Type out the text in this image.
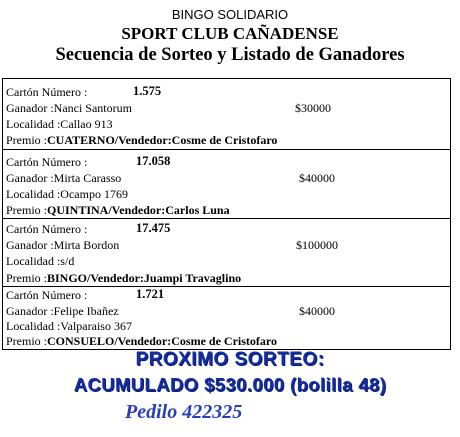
BINGO SOLIDARIO
SPORT CLUB CAÑADENSE
Secuencia de Sorteo y Listado de Ganadores
Cartón Número :	1.575
Ganador :Nanci Santorum	$30000
Localidad :Callao 913
Premio :CUATERNO/Vendedor:Cosme de Cristofaro
Cartón Número :	17.058
Ganador :Mirta Carasso	$40000
Localidad :Ocampo 1769
Premio :QUINTINA/Vendedor:Carlos Luna
Cartón Número :	17.475
Ganador :Mirta Bordon	$100000
Localidad :s/d
Premio :BINGO/Vendedor:Juampi Travaglino
Cartón Número :	1.721
Ganador :Felipe Ibañez	$40000
Localidad :Valparaiso 367
Premio :CONSUELO/Vendedor:Cosme de Cristofaro
PROXIMO SORTEO:
ACUMULADO $530.000 (bolilla 48)
Pedilo 422325
